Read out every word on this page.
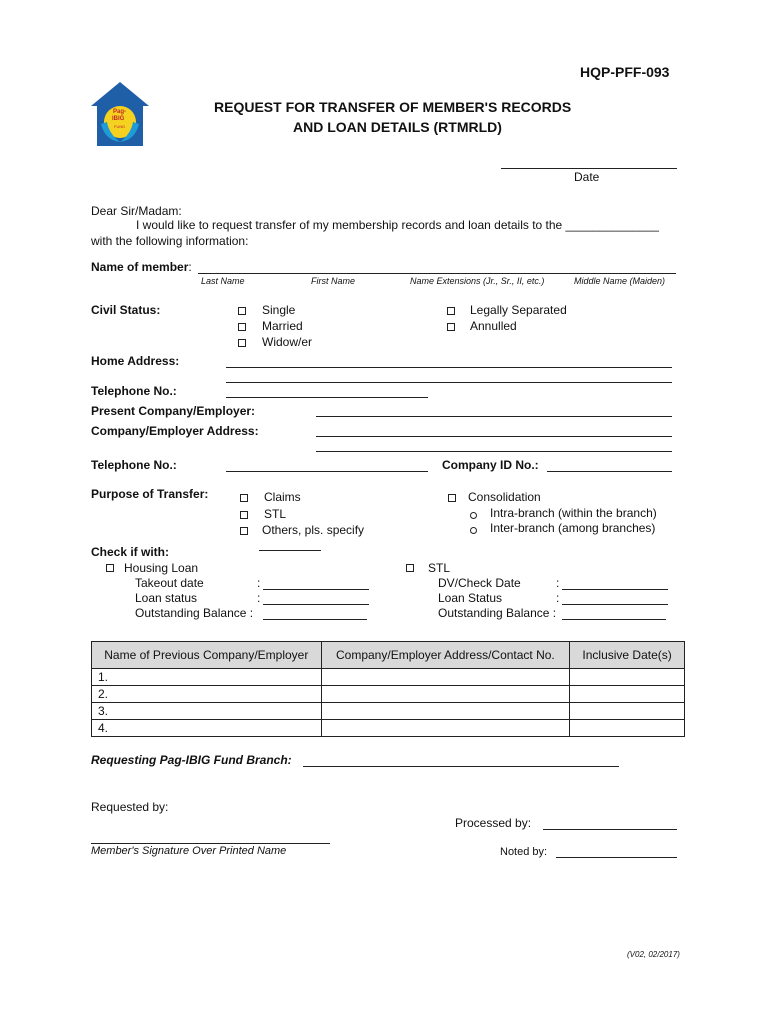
Pag-
IBIG
FUND
HQP-PFF-093
REQUEST FOR TRANSFER OF MEMBER'S RECORDS
AND LOAN DETAILS (RTMRLD)
Date
Dear Sir/Madam:
I would like to request transfer of my membership records and loan details to the ______________
with the following information:
Name of member:
Last Name	First Name	Name Extensions (Jr., Sr., II, etc.)	Middle Name (Maiden)
Civil Status:	Single
Married
Widow/er
Legally Separated
Annulled
Home Address:
Telephone No.:
Present Company/Employer:
Company/Employer Address:
Telephone No.:	Company ID No.:
Purpose of Transfer:	Claims
STL
Others, pls. specify
Consolidation
Intra-branch (within the branch)
Inter-branch (among branches)
Check if with:
Housing Loan
Takeout date	:
Loan status	:
Outstanding Balance :
STL
DV/Check Date	:
Loan Status	:
Outstanding Balance :
Name of Previous Company/Employer	Company/Employer Address/Contact No.	Inclusive Date(s)
1.		
2.		
3.		
4.		
Requesting Pag-IBIG Fund Branch:
Requested by:
Processed by:
Member's Signature Over Printed Name	Noted by:
(V02, 02/2017)
